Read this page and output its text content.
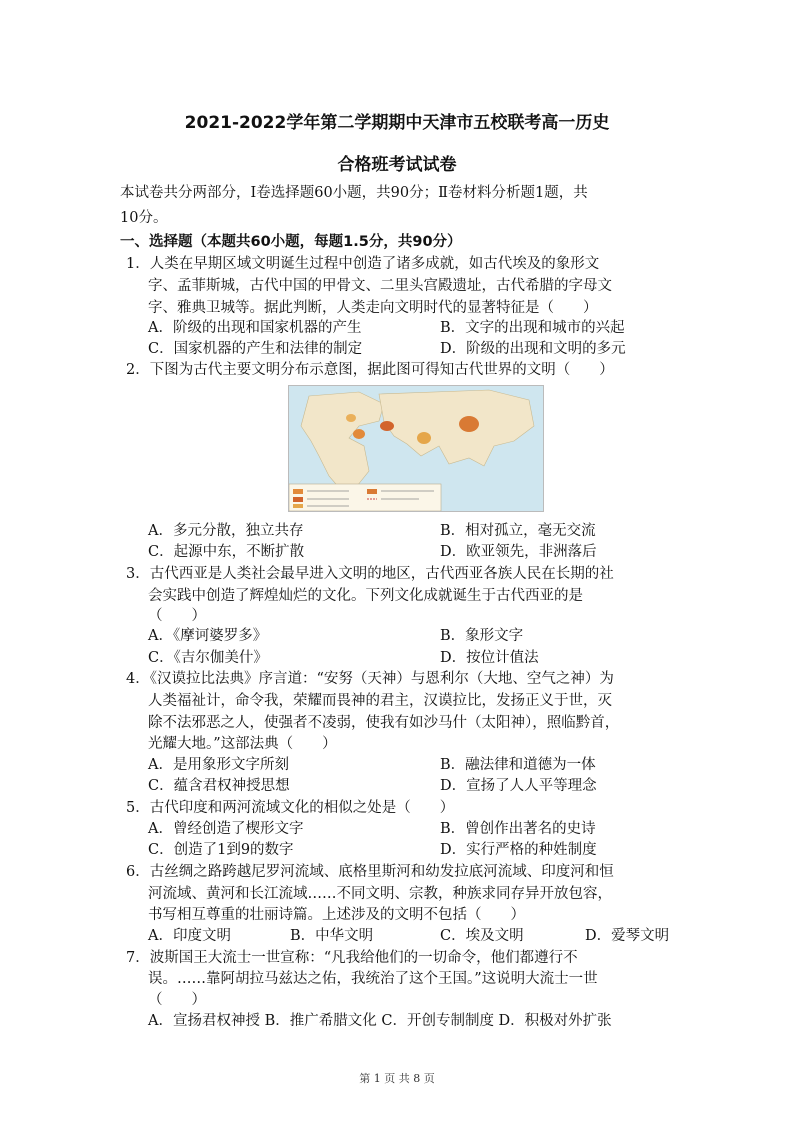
2021-2022学年第二学期期中天津市五校联考高一历史
合格班考试试卷
本试卷共分两部分，Ⅰ卷选择题60小题，共90分；Ⅱ卷材料分析题1题，共
10分。
一、选择题（本题共60小题，每题1.5分，共90分）
1．人类在早期区域文明诞生过程中创造了诸多成就，如古代埃及的象形文
字、孟菲斯城，古代中国的甲骨文、二里头宫殿遗址，古代希腊的字母文
字、雅典卫城等。据此判断，人类走向文明时代的显著特征是（　　）
A．阶级的出现和国家机器的产生	B．文字的出现和城市的兴起
C．国家机器的产生和法律的制定	D．阶级的出现和文明的多元
2．下图为古代主要文明分布示意图，据此图可得知古代世界的文明（　　）
A．多元分散，独立共存	B．相对孤立，毫无交流
C．起源中东，不断扩散	D．欧亚领先，非洲落后
3．古代西亚是人类社会最早进入文明的地区，古代西亚各族人民在长期的社
会实践中创造了辉煌灿烂的文化。下列文化成就诞生于古代西亚的是
（　　）
A．《摩诃婆罗多》	B．象形文字
C．《吉尔伽美什》	D．按位计值法
4．《汉谟拉比法典》序言道：“安努（天神）与恩利尔（大地、空气之神）为
人类福祉计，命令我，荣耀而畏神的君主，汉谟拉比，发扬正义于世，灭
除不法邪恶之人，使强者不凌弱，使我有如沙马什（太阳神），照临黔首，
光耀大地。”这部法典（　　）
A．是用象形文字所刻	B．融法律和道德为一体
C．蕴含君权神授思想	D．宣扬了人人平等理念
5．古代印度和两河流域文化的相似之处是（　　）
A．曾经创造了楔形文字	B．曾创作出著名的史诗
C．创造了1到9的数字	D．实行严格的种姓制度
6．古丝绸之路跨越尼罗河流域、底格里斯河和幼发拉底河流域、印度河和恒
河流域、黄河和长江流域……不同文明、宗教，种族求同存异开放包容，
书写相互尊重的壮丽诗篇。上述涉及的文明不包括（　　）
A．印度文明	B．中华文明	C．埃及文明	D．爱琴文明
7．波斯国王大流士一世宣称：“凡我给他们的一切命令，他们都遵行不
误。……靠阿胡拉马兹达之佑，我统治了这个王国。”这说明大流士一世
（　　）
A．宣扬君权神授 B．推广希腊文化 C．开创专制制度 D．积极对外扩张
第 1 页 共 8 页
